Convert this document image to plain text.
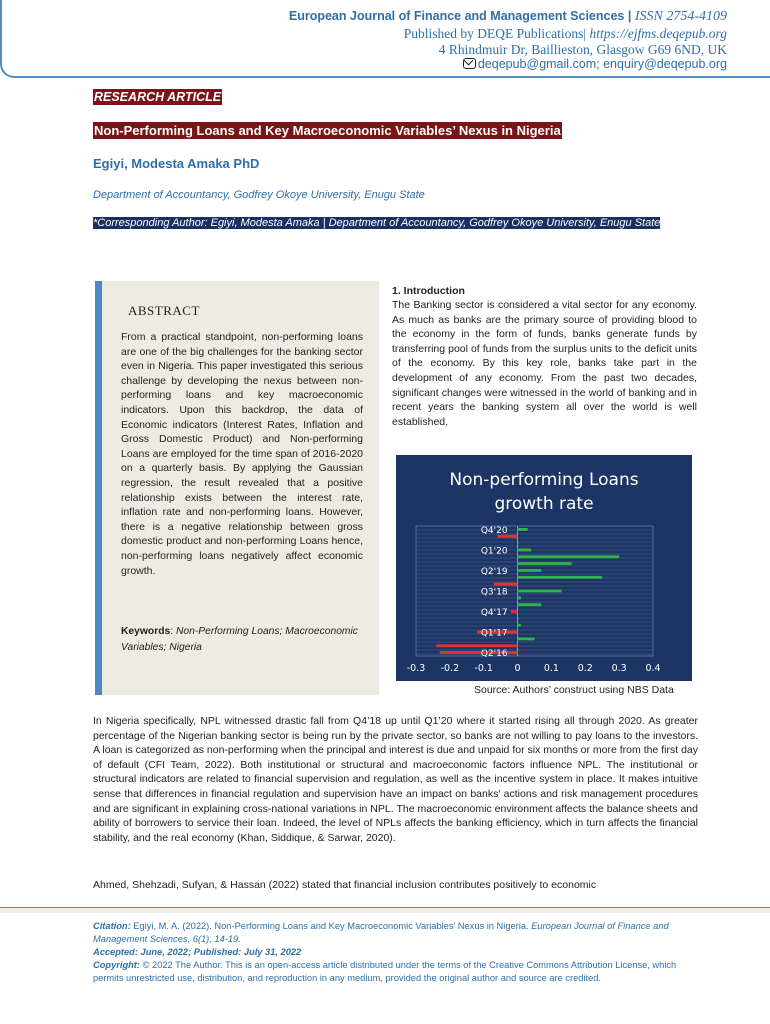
European Journal of Finance and Management Sciences | ISSN 2754-4109
Published by DEQE Publications| https://ejfms.deqepub.org
4 Rhindmuir Dr, Baillieston, Glasgow G69 6ND, UK
deqepub@gmail.com; enquiry@deqepub.org
RESEARCH ARTICLE
Non-Performing Loans and Key Macroeconomic Variables’ Nexus in Nigeria
Egiyi, Modesta Amaka PhD
Department of Accountancy, Godfrey Okoye University, Enugu State
*Corresponding Author: Egiyi, Modesta Amaka | Department of Accountancy, Godfrey Okoye University, Enugu State
ABSTRACT
From a practical standpoint, non-performing loans are one of the big challenges for the banking sector even in Nigeria. This paper investigated this serious challenge by developing the nexus between non-performing loans and key macroeconomic indicators. Upon this backdrop, the data of Economic indicators (Interest Rates, Inflation and Gross Domestic Product) and Non-performing Loans are employed for the time span of 2016-2020 on a quarterly basis. By applying the Gaussian regression, the result revealed that a positive relationship exists between the interest rate, inflation rate and non-performing loans. However, there is a negative relationship between gross domestic product and non-performing Loans hence, non-performing loans negatively affect economic growth.
Keywords: Non-Performing Loans; Macroeconomic Variables; Nigeria
1. Introduction
The Banking sector is considered a vital sector for any economy. As much as banks are the primary source of providing blood to the economy in the form of funds, banks generate funds by transferring pool of funds from the surplus units to the deficit units of the economy. By this key role, banks take part in the development of any economy. From the past two decades, significant changes were witnessed in the world of banking and in recent years the banking system all over the world is well established.
Non-performing Loans growth rate
Q2'16
Q1'17
Q4'17
Q3'18
Q2'19
Q1'20
Q4'20
-0.3 -0.2 -0.1 0 0.1 0.2 0.3 0.4
Source: Authors’ construct using NBS Data
In Nigeria specifically, NPL witnessed drastic fall from Q4’18 up until Q1’20 where it started rising all through 2020. As greater percentage of the Nigerian banking sector is being run by the private sector, so banks are not willing to pay loans to the investors. A loan is categorized as non-performing when the principal and interest is due and unpaid for six months or more from the first day of default (CFI Team, 2022). Both institutional or structural and macroeconomic factors influence NPL. The institutional or structural indicators are related to financial supervision and regulation, as well as the incentive system in place. It makes intuitive sense that differences in financial regulation and supervision have an impact on banks' actions and risk management procedures and are significant in explaining cross-national variations in NPL. The macroeconomic environment affects the balance sheets and ability of borrowers to service their loan. Indeed, the level of NPLs affects the banking efficiency, which in turn affects the financial stability, and the real economy (Khan, Siddique, & Sarwar, 2020).
Ahmed, Shehzadi, Sufyan, & Hassan (2022) stated that financial inclusion contributes positively to economic
Citation: Egiyi, M. A. (2022). Non-Performing Loans and Key Macroeconomic Variables’ Nexus in Nigeria. European Journal of Finance and Management Sciences, 6(1), 14-19.
Accepted: June, 2022; Published: July 31, 2022
Copyright: © 2022 The Author. This is an open-access article distributed under the terms of the Creative Commons Attribution License, which permits unrestricted use, distribution, and reproduction in any medium, provided the original author and source are credited.
